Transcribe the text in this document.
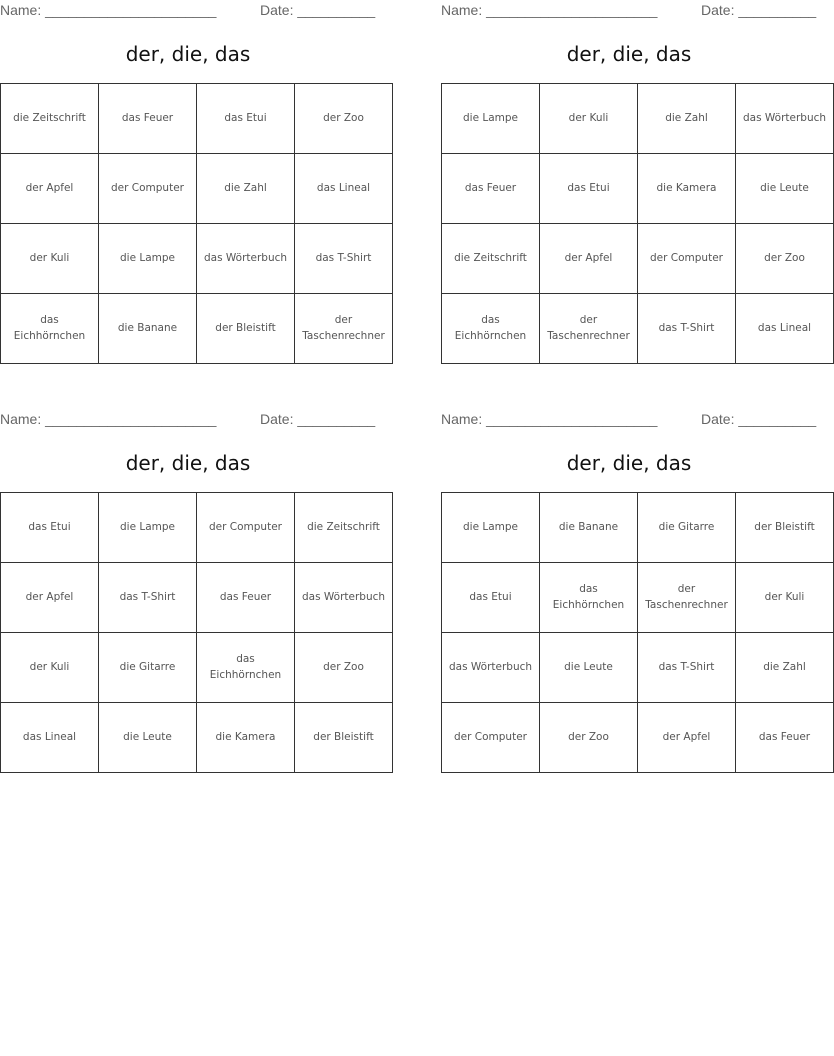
Name: ______________________	Date: __________
der, die, das
die Zeitschrift	das Feuer	das Etui	der Zoo
der Apfel	der Computer	die Zahl	das Lineal
der Kuli	die Lampe	das Wörterbuch	das T-Shirt
das Eichhörnchen	die Banane	der Bleistift	der Taschenrechner
Name: ______________________	Date: __________
der, die, das
die Lampe	der Kuli	die Zahl	das Wörterbuch
das Feuer	das Etui	die Kamera	die Leute
die Zeitschrift	der Apfel	der Computer	der Zoo
das Eichhörnchen	der Taschenrechner	das T-Shirt	das Lineal
Name: ______________________	Date: __________
der, die, das
das Etui	die Lampe	der Computer	die Zeitschrift
der Apfel	das T-Shirt	das Feuer	das Wörterbuch
der Kuli	die Gitarre	das Eichhörnchen	der Zoo
das Lineal	die Leute	die Kamera	der Bleistift
Name: ______________________	Date: __________
der, die, das
die Lampe	die Banane	die Gitarre	der Bleistift
das Etui	das Eichhörnchen	der Taschenrechner	der Kuli
das Wörterbuch	die Leute	das T-Shirt	die Zahl
der Computer	der Zoo	der Apfel	das Feuer
